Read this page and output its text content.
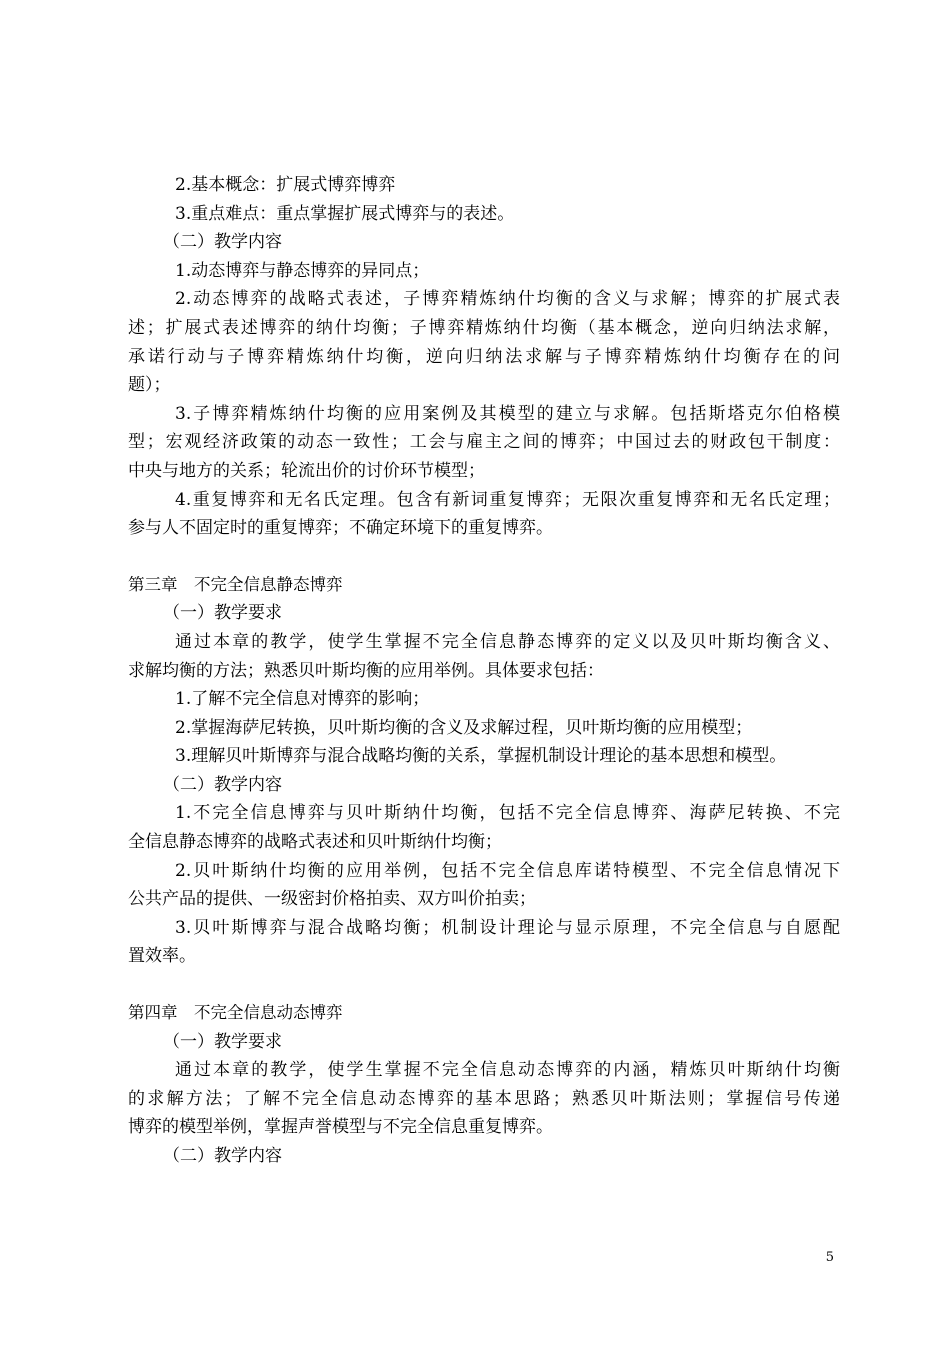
2.基本概念：扩展式博弈博弈
3.重点难点：重点掌握扩展式博弈与的表述。
（二）教学内容
1.动态博弈与静态博弈的异同点；
2.动态博弈的战略式表述，子博弈精炼纳什均衡的含义与求解；博弈的扩展式表
述；扩展式表述博弈的纳什均衡；子博弈精炼纳什均衡（基本概念，逆向归纳法求解，
承诺行动与子博弈精炼纳什均衡，逆向归纳法求解与子博弈精炼纳什均衡存在的问
题）；
3.子博弈精炼纳什均衡的应用案例及其模型的建立与求解。包括斯塔克尔伯格模
型；宏观经济政策的动态一致性；工会与雇主之间的博弈；中国过去的财政包干制度：
中央与地方的关系；轮流出价的讨价环节模型；
4.重复博弈和无名氏定理。包含有新词重复博弈；无限次重复博弈和无名氏定理；
参与人不固定时的重复博弈；不确定环境下的重复博弈。
第三章　不完全信息静态博弈
（一）教学要求
通过本章的教学，使学生掌握不完全信息静态博弈的定义以及贝叶斯均衡含义、
求解均衡的方法；熟悉贝叶斯均衡的应用举例。具体要求包括：
1.了解不完全信息对博弈的影响；
2.掌握海萨尼转换，贝叶斯均衡的含义及求解过程，贝叶斯均衡的应用模型；
3.理解贝叶斯博弈与混合战略均衡的关系，掌握机制设计理论的基本思想和模型。
（二）教学内容
1.不完全信息博弈与贝叶斯纳什均衡，包括不完全信息博弈、海萨尼转换、不完
全信息静态博弈的战略式表述和贝叶斯纳什均衡；
2.贝叶斯纳什均衡的应用举例，包括不完全信息库诺特模型、不完全信息情况下
公共产品的提供、一级密封价格拍卖、双方叫价拍卖；
3.贝叶斯博弈与混合战略均衡；机制设计理论与显示原理，不完全信息与自愿配
置效率。
第四章　不完全信息动态博弈
（一）教学要求
通过本章的教学，使学生掌握不完全信息动态博弈的内涵，精炼贝叶斯纳什均衡
的求解方法；了解不完全信息动态博弈的基本思路；熟悉贝叶斯法则；掌握信号传递
博弈的模型举例，掌握声誉模型与不完全信息重复博弈。
（二）教学内容
5
